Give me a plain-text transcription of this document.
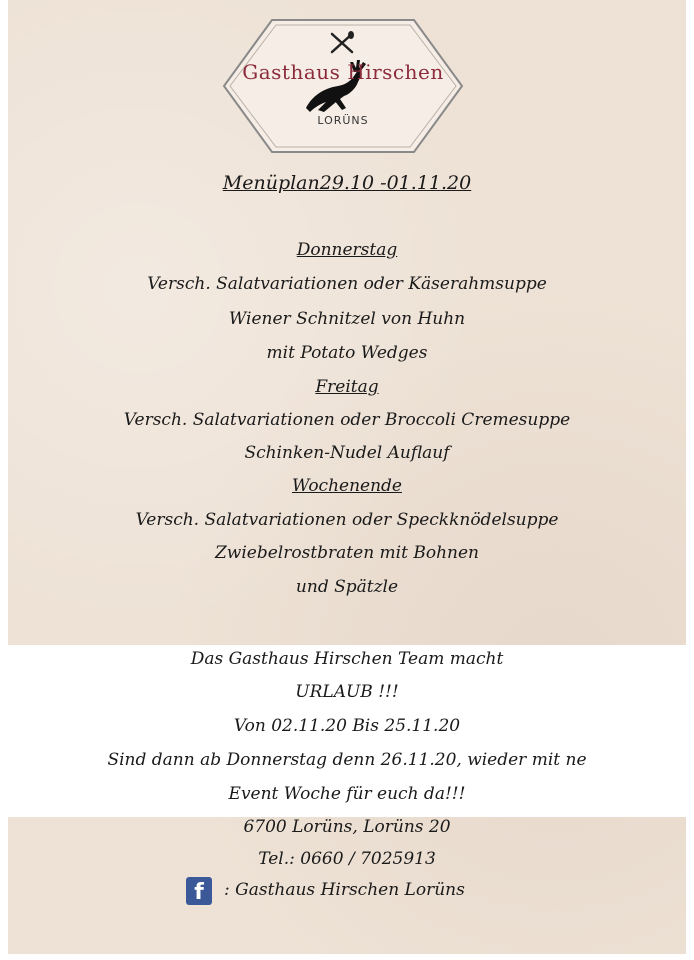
Gasthaus Hirschen
LORÜNS
Menüplan29.10 -01.11.20
Donnerstag
Versch. Salatvariationen oder Käserahmsuppe
Wiener Schnitzel von Huhn
mit Potato Wedges
Freitag
Versch. Salatvariationen oder Broccoli Cremesuppe
Schinken-Nudel Auflauf
Wochenende
Versch. Salatvariationen oder Speckknödelsuppe
Zwiebelrostbraten mit Bohnen
und Spätzle
Das Gasthaus Hirschen Team macht
URLAUB !!!
Von 02.11.20 Bis 25.11.20
Sind dann ab Donnerstag denn 26.11.20, wieder mit ne
Event Woche für euch da!!!
6700 Lorüns, Lorüns 20
Tel.: 0660 / 7025913
f	: Gasthaus Hirschen Lorüns
